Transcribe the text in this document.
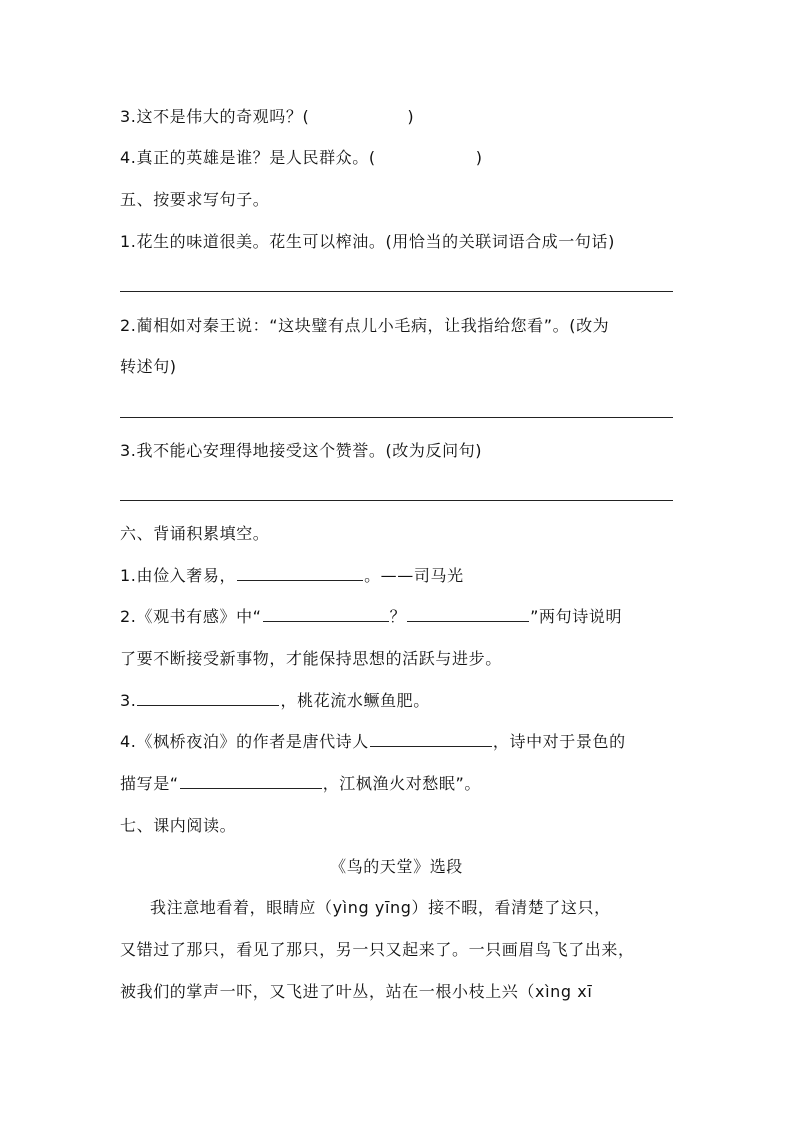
3.这不是伟大的奇观吗？(	)
4.真正的英雄是谁？是人民群众。(	)
五、按要求写句子。
1.花生的味道很美。花生可以榨油。(用恰当的关联词语合成一句话)
2.蔺相如对秦王说：“这块璧有点儿小毛病，让我指给您看”。(改为
转述句)
3.我不能心安理得地接受这个赞誉。(改为反问句)
六、背诵积累填空。
1.由俭入奢易，	。——司马光
2.《观书有感》中“	？	”两句诗说明
了要不断接受新事物，才能保持思想的活跃与进步。
3.	，桃花流水鳜鱼肥。
4.《枫桥夜泊》的作者是唐代诗人	，诗中对于景色的
描写是“	，江枫渔火对愁眠”。
七、课内阅读。
《鸟的天堂》选段
我注意地看着，眼睛应（yìng yīng）接不暇，看清楚了这只，
又错过了那只，看见了那只，另一只又起来了。一只画眉鸟飞了出来，
被我们的掌声一吓，又飞进了叶丛，站在一根小枝上兴（xìng xī
